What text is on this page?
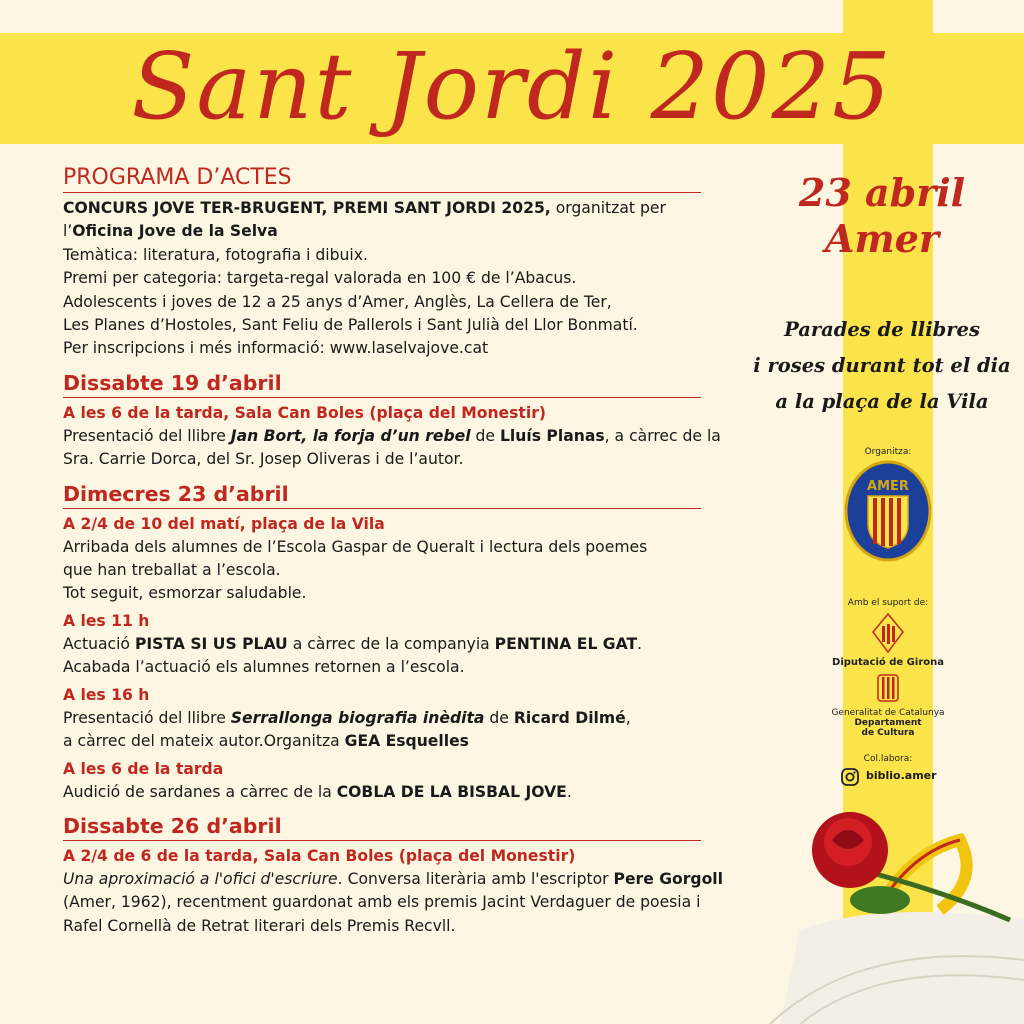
Sant Jordi 2025
PROGRAMA D’ACTES

CONCURS JOVE TER-BRUGENT, PREMI SANT JORDI 2025, organitzat per l’Oficina Jove de la Selva

Temàtica: literatura, fotografia i dibuix.

Premi per categoria: targeta-regal valorada en 100 € de l’Abacus.

Adolescents i joves de 12 a 25 anys d’Amer, Anglès, La Cellera de Ter,

Les Planes d’Hostoles, Sant Feliu de Pallerols i Sant Julià del Llor Bonmatí.

Per inscripcions i més informació: www.laselvajove.cat

Dissabte 19 d’abril
A les 6 de la tarda, Sala Can Boles (plaça del Monestir)

Presentació del llibre Jan Bort, la forja d’un rebel de Lluís Planas, a càrrec de la Sra. Carrie Dorca, del Sr. Josep Oliveras i de l’autor.

Dimecres 23 d’abril
A 2/4 de 10 del matí, plaça de la Vila

Arribada dels alumnes de l’Escola Gaspar de Queralt i lectura dels poemes

que han treballat a l’escola.

Tot seguit, esmorzar saludable.

A les 11 h

Actuació PISTA SI US PLAU a càrrec de la companyia PENTINA EL GAT.

Acabada l’actuació els alumnes retornen a l’escola.

A les 16 h

Presentació del llibre Serrallonga biografia inèdita de Ricard Dilmé,

a càrrec del mateix autor.Organitza GEA Esquelles

A les 6 de la tarda

Audició de sardanes a càrrec de la COBLA DE LA BISBAL JOVE.

Dissabte 26 d’abril
A 2/4 de 6 de la tarda, Sala Can Boles (plaça del Monestir)

Una aproximació a l'ofici d'escriure. Conversa literària amb l'escriptor Pere Gorgoll (Amer, 1962), recentment guardonat amb els premis Jacint Verdaguer de poesia i Rafel Cornellà de Retrat literari dels Premis Recvll.

23 abril
Amer
Parades de llibres
i roses durant tot el dia
a la plaça de la Vila
Organitza:
AMER
Amb el suport de:
Diputació de Girona
Generalitat de Catalunya
Departament
de Cultura
Col.labora:
biblio.amer
